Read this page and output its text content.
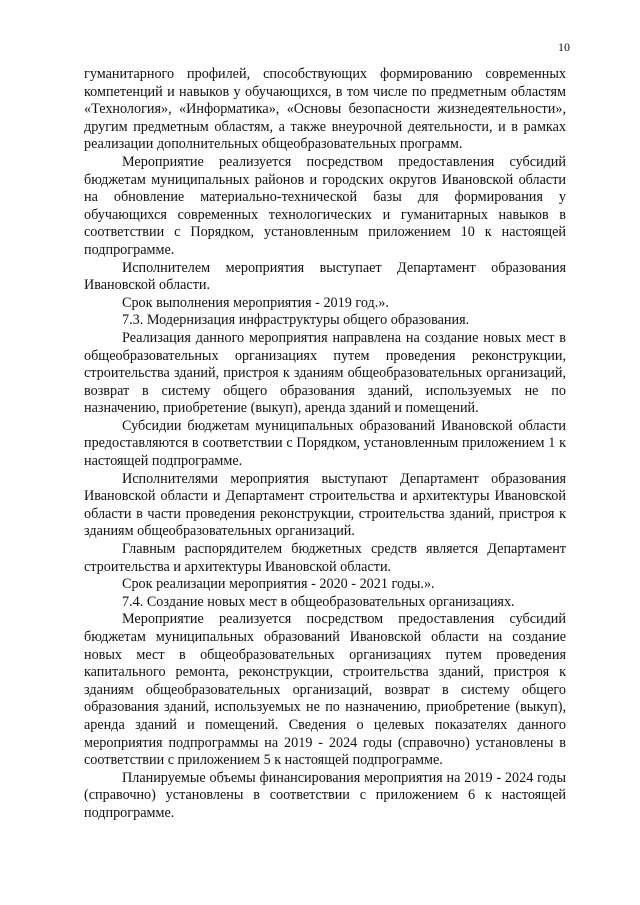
10

гуманитарного профилей, способствующих формированию современных компетенций и навыков у обучающихся, в том числе по предметным областям «Технология», «Информатика», «Основы безопасности жизнедеятельности», другим предметным областям, а также внеурочной деятельности, и в рамках реализации дополнительных общеобразовательных программ.

Мероприятие реализуется посредством предоставления субсидий бюджетам муниципальных районов и городских округов Ивановской области на обновление материально-технической базы для формирования у обучающихся современных технологических и гуманитарных навыков в соответствии с Порядком, установленным приложением 10 к настоящей подпрограмме.

Исполнителем мероприятия выступает Департамент образования Ивановской области.

Срок выполнения мероприятия - 2019 год.».

7.3. Модернизация инфраструктуры общего образования.

Реализация данного мероприятия направлена на создание новых мест в общеобразовательных организациях путем проведения реконструкции, строительства зданий, пристроя к зданиям общеобразовательных организаций, возврат в систему общего образования зданий, используемых не по назначению, приобретение (выкуп), аренда зданий и помещений.

Субсидии бюджетам муниципальных образований Ивановской области предоставляются в соответствии с Порядком, установленным приложением 1 к настоящей подпрограмме.

Исполнителями мероприятия выступают Департамент образования Ивановской области и Департамент строительства и архитектуры Ивановской области в части проведения реконструкции, строительства зданий, пристроя к зданиям общеобразовательных организаций.

Главным распорядителем бюджетных средств является Департамент строительства и архитектуры Ивановской области.

Срок реализации мероприятия - 2020 - 2021 годы.».

7.4. Создание новых мест в общеобразовательных организациях.

Мероприятие реализуется посредством предоставления субсидий бюджетам муниципальных образований Ивановской области на создание новых мест в общеобразовательных организациях путем проведения капитального ремонта, реконструкции, строительства зданий, пристроя к зданиям общеобразовательных организаций, возврат в систему общего образования зданий, используемых не по назначению, приобретение (выкуп), аренда зданий и помещений. Сведения о целевых показателях данного мероприятия подпрограммы на 2019 - 2024 годы (справочно) установлены в соответствии с приложением 5 к настоящей подпрограмме.

Планируемые объемы финансирования мероприятия на 2019 - 2024 годы (справочно) установлены в соответствии с приложением 6 к настоящей подпрограмме.
